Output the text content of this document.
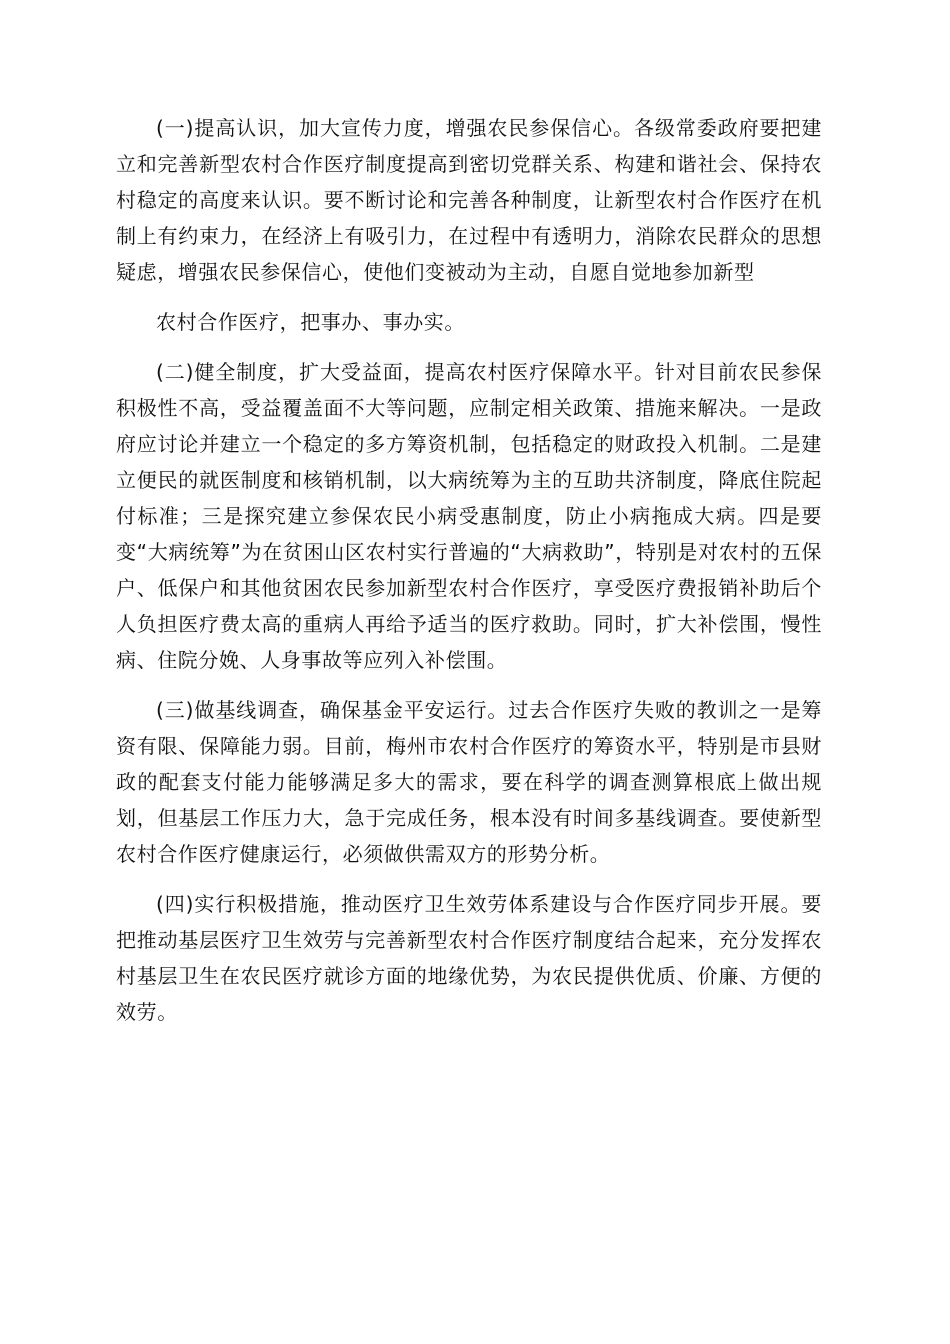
(一)提高认识，加大宣传力度，增强农民参保信心。各级常委政府要把建立和完善新型农村合作医疗制度提高到密切党群关系、构建和谐社会、保持农村稳定的高度来认识。要不断讨论和完善各种制度，让新型农村合作医疗在机制上有约束力，在经济上有吸引力，在过程中有透明力，消除农民群众的思想疑虑，增强农民参保信心，使他们变被动为主动，自愿自觉地参加新型

农村合作医疗，把事办、事办实。

(二)健全制度，扩大受益面，提高农村医疗保障水平。针对目前农民参保积极性不高，受益覆盖面不大等问题，应制定相关政策、措施来解决。一是政府应讨论并建立一个稳定的多方筹资机制，包括稳定的财政投入机制。二是建立便民的就医制度和核销机制，以大病统筹为主的互助共济制度，降底住院起付标准；三是探究建立参保农民小病受惠制度，防止小病拖成大病。四是要变“大病统筹”为在贫困山区农村实行普遍的“大病救助”，特别是对农村的五保户、低保户和其他贫困农民参加新型农村合作医疗，享受医疗费报销补助后个人负担医疗费太高的重病人再给予适当的医疗救助。同时，扩大补偿围，慢性病、住院分娩、人身事故等应列入补偿围。

(三)做基线调查，确保基金平安运行。过去合作医疗失败的教训之一是筹资有限、保障能力弱。目前，梅州市农村合作医疗的筹资水平，特别是市县财政的配套支付能力能够满足多大的需求，要在科学的调查测算根底上做出规划，但基层工作压力大，急于完成任务，根本没有时间多基线调查。要使新型农村合作医疗健康运行，必须做供需双方的形势分析。

(四)实行积极措施，推动医疗卫生效劳体系建设与合作医疗同步开展。要把推动基层医疗卫生效劳与完善新型农村合作医疗制度结合起来，充分发挥农村基层卫生在农民医疗就诊方面的地缘优势，为农民提供优质、价廉、方便的效劳。
